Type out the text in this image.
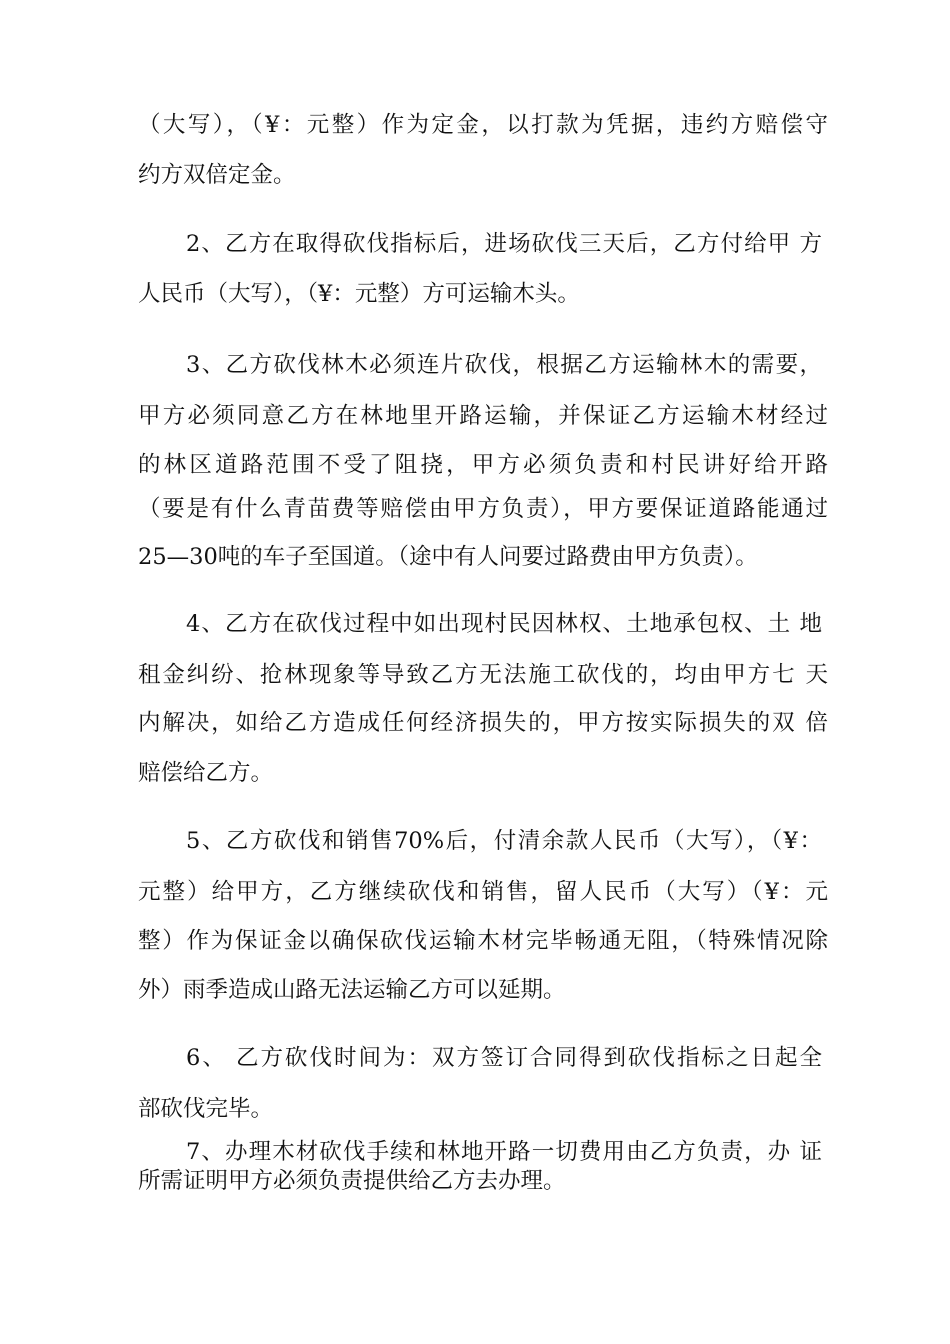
（大写），（¥：元整）作为定金，以打款为凭据，违约方赔偿守
约方双倍定金。
2、乙方在取得砍伐指标后，进场砍伐三天后，乙方付给甲 方
人民币（大写），（¥：元整）方可运输木头。
3、乙方砍伐林木必须连片砍伐，根据乙方运输林木的需要，
甲方必须同意乙方在林地里开路运输，并保证乙方运输木材经过
的林区道路范围不受了阻挠，甲方必须负责和村民讲好给开路
（要是有什么青苗费等赔偿由甲方负责），甲方要保证道路能通过
25—30吨的车子至国道。（途中有人问要过路费由甲方负责）。
4、乙方在砍伐过程中如出现村民因林权、土地承包权、土 地
租金纠纷、抢林现象等导致乙方无法施工砍伐的，均由甲方七 天
内解决，如给乙方造成任何经济损失的，甲方按实际损失的双 倍
赔偿给乙方。
5、乙方砍伐和销售70%后，付清余款人民币（大写），（¥：
元整）给甲方，乙方继续砍伐和销售，留人民币（大写）（¥：元
整）作为保证金以确保砍伐运输木材完毕畅通无阻，（特殊情况除
外）雨季造成山路无法运输乙方可以延期。
6、 乙方砍伐时间为：双方签订合同得到砍伐指标之日起全
部砍伐完毕。
7、办理木材砍伐手续和林地开路一切费用由乙方负责，办 证
所需证明甲方必须负责提供给乙方去办理。
